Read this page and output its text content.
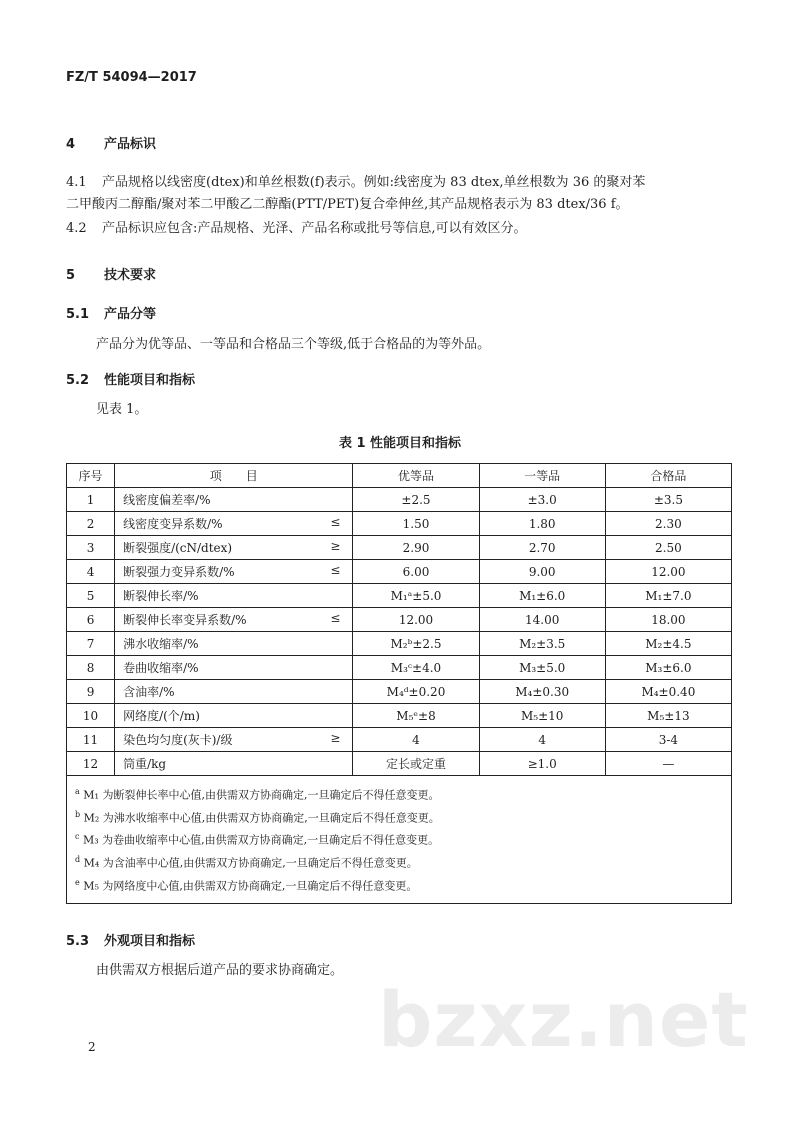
FZ/T 54094—2017
4 产品标识
4.1 产品规格以线密度(dtex)和单丝根数(f)表示。例如:线密度为 83 dtex,单丝根数为 36 的聚对苯
二甲酸丙二醇酯/聚对苯二甲酸乙二醇酯(PTT/PET)复合牵伸丝,其产品规格表示为 83 dtex/36 f。
4.2 产品标识应包含:产品规格、光泽、产品名称或批号等信息,可以有效区分。
5 技术要求
5.1 产品分等
产品分为优等品、一等品和合格品三个等级,低于合格品的为等外品。
5.2 性能项目和指标
见表 1。
表 1 性能项目和指标
序号	项　　目	优等品	一等品	合格品
1	线密度偏差率/%	±2.5	±3.0	±3.5
2	线密度变异系数/% ≤	1.50	1.80	2.30
3	断裂强度/(cN/dtex) ≥	2.90	2.70	2.50
4	断裂强力变异系数/% ≤	6.00	9.00	12.00
5	断裂伸长率/%	M₁ᵃ±5.0	M₁±6.0	M₁±7.0
6	断裂伸长率变异系数/% ≤	12.00	14.00	18.00
7	沸水收缩率/%	M₂ᵇ±2.5	M₂±3.5	M₂±4.5
8	卷曲收缩率/%	M₃ᶜ±4.0	M₃±5.0	M₃±6.0
9	含油率/%	M₄ᵈ±0.20	M₄±0.30	M₄±0.40
10	网络度/(个/m)	M₅ᵉ±8	M₅±10	M₅±13
11	染色均匀度(灰卡)/级 ≥	4	4	3-4
12	筒重/kg	定长或定重	≥1.0	—

$^a$ M₁ 为断裂伸长率中心值,由供需双方协商确定,一旦确定后不得任意变更。
$^b$ M₂ 为沸水收缩率中心值,由供需双方协商确定,一旦确定后不得任意变更。
$^c$ M₃ 为卷曲收缩率中心值,由供需双方协商确定,一旦确定后不得任意变更。
$^d$ M₄ 为含油率中心值,由供需双方协商确定,一旦确定后不得任意变更。
$^e$ M₅ 为网络度中心值,由供需双方协商确定,一旦确定后不得任意变更。				
5.3 外观项目和指标
由供需双方根据后道产品的要求协商确定。
bzxz.net
2
